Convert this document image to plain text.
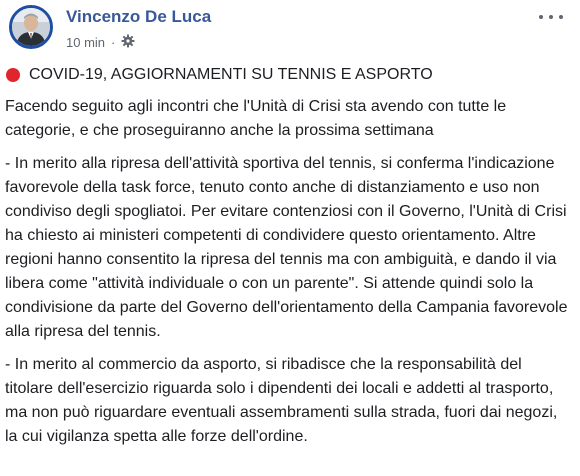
Vincenzo De Luca
10 min ·
COVID-19, AGGIORNAMENTI SU TENNIS E ASPORTO

Facendo seguito agli incontri che l'Unità di Crisi sta avendo con tutte le categorie, e che proseguiranno anche la prossima settimana

- In merito alla ripresa dell'attività sportiva del tennis, si conferma l'indicazione favorevole della task force, tenuto conto anche di distanziamento e uso non condiviso degli spogliatoi. Per evitare contenziosi con il Governo, l'Unità di Crisi ha chiesto ai ministeri competenti di condividere questo orientamento. Altre regioni hanno consentito la ripresa del tennis ma con ambiguità, e dando il via libera come "attività individuale o con un parente". Si attende quindi solo la condivisione da parte del Governo dell'orientamento della Campania favorevole alla ripresa del tennis.

- In merito al commercio da asporto, si ribadisce che la responsabilità del titolare dell'esercizio riguarda solo i dipendenti dei locali e addetti al trasporto, ma non può riguardare eventuali assembramenti sulla strada, fuori dai negozi, la cui vigilanza spetta alle forze dell'ordine.
